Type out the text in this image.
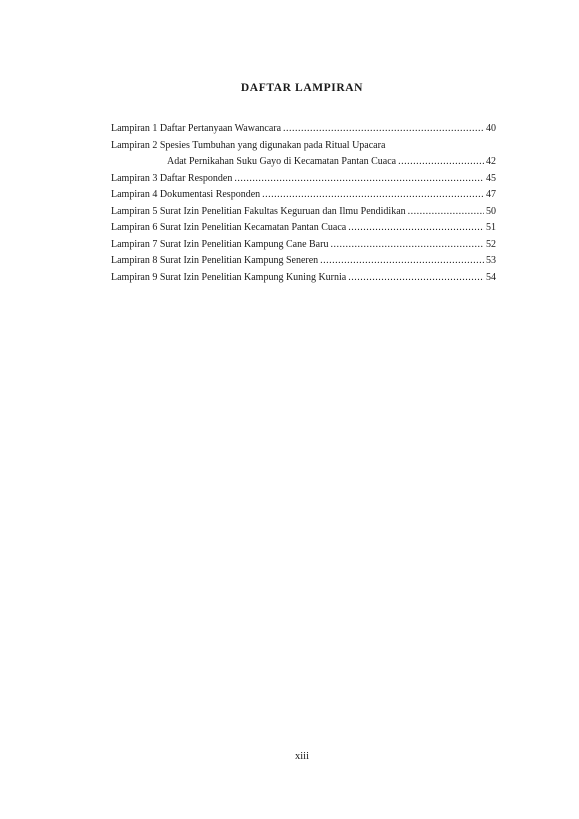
DAFTAR LAMPIRAN
Lampiran 1 Daftar Pertanyaan Wawancara .....	40
Lampiran 2 Spesies Tumbuhan yang digunakan pada Ritual Upacara
Adat Pernikahan Suku Gayo di Kecamatan Pantan Cuaca .....	42
Lampiran 3 Daftar Responden .....	45
Lampiran 4 Dokumentasi Responden .....	47
Lampiran 5 Surat Izin Penelitian Fakultas Keguruan dan Ilmu Pendidikan .....	50
Lampiran 6 Surat Izin Penelitian Kecamatan Pantan Cuaca .....	51
Lampiran 7 Surat Izin Penelitian Kampung Cane Baru .....	52
Lampiran 8 Surat Izin Penelitian Kampung Seneren .....	53
Lampiran 9 Surat Izin Penelitian Kampung Kuning Kurnia .....	54
xiii
